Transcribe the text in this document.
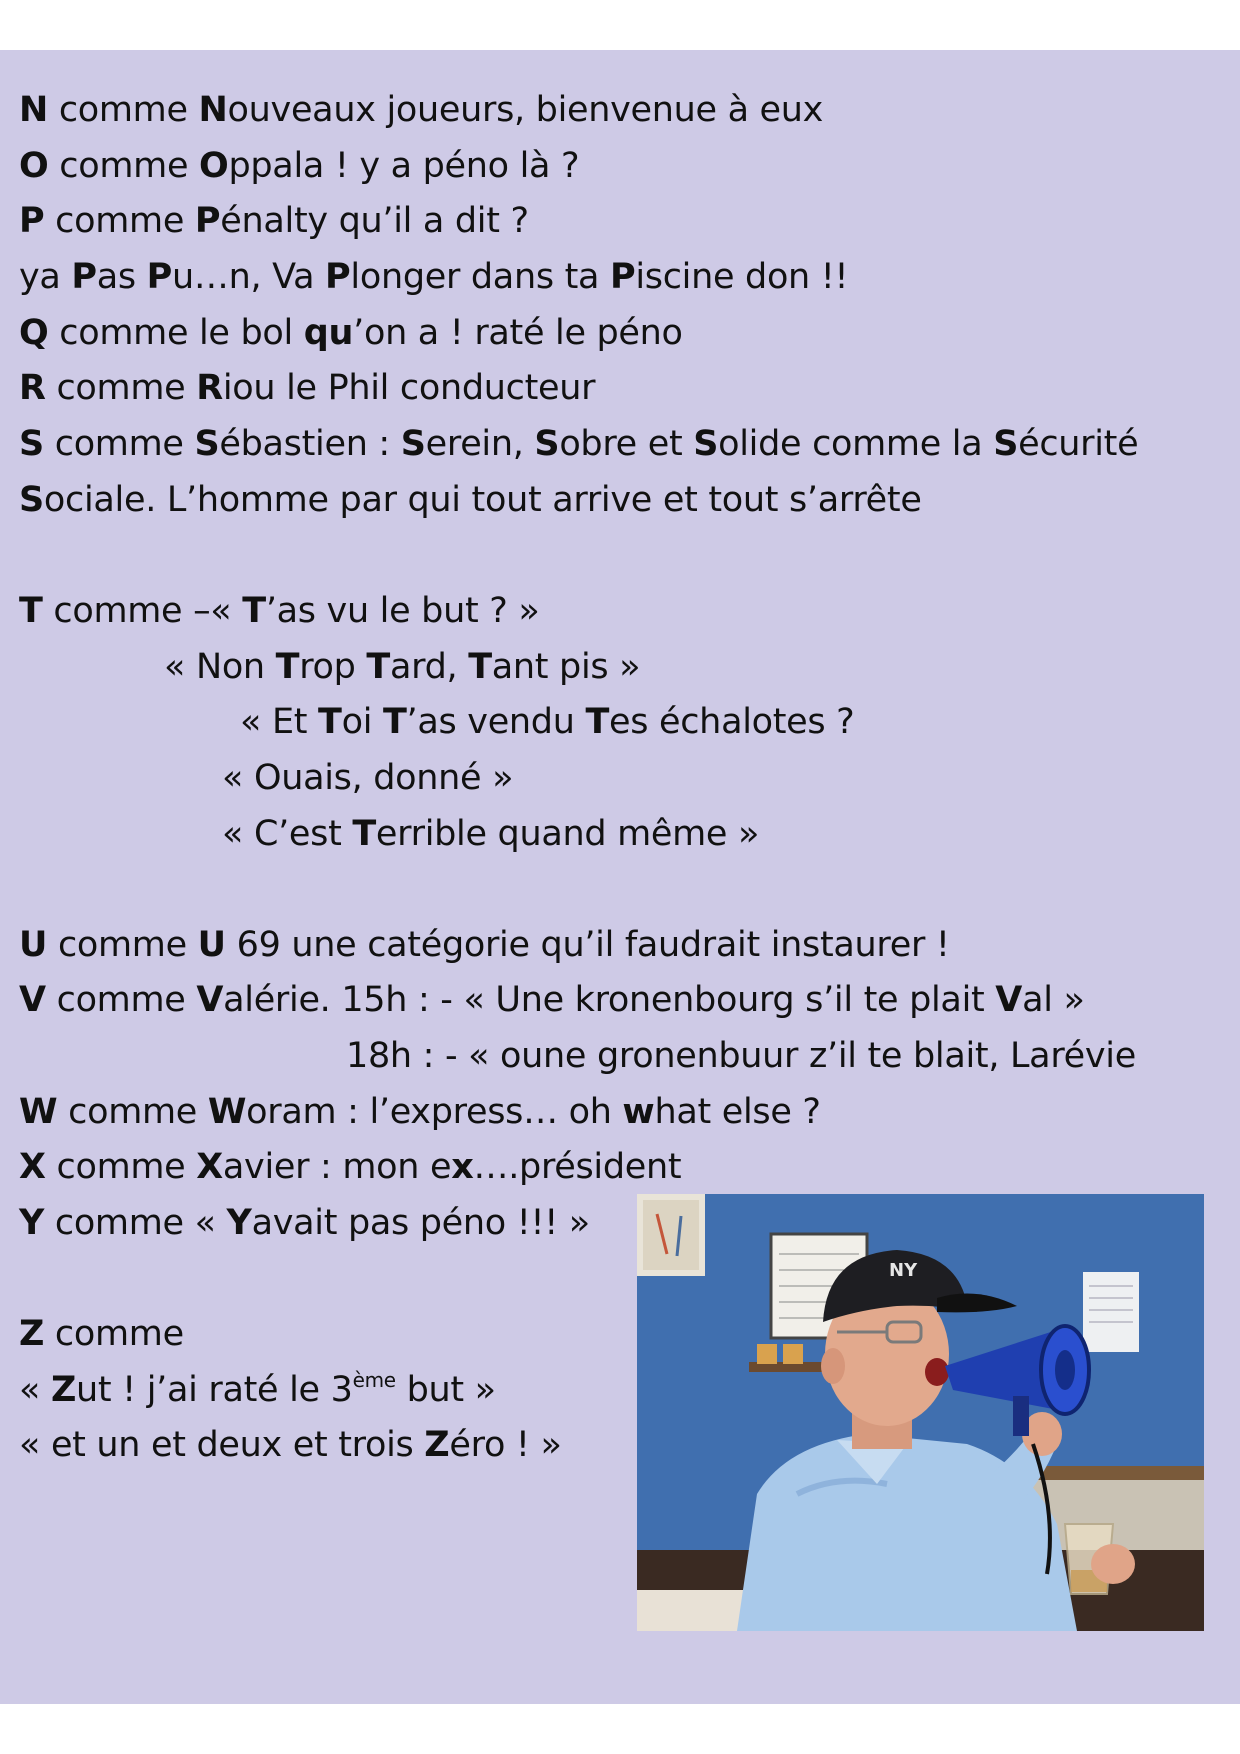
N comme Nouveaux joueurs, bienvenue à eux
O comme Oppala ! y a péno là ?
P comme Pénalty qu’il a dit ?
ya Pas Pu…n, Va Plonger dans ta Piscine don !!
Q comme le bol qu’on a ! raté le péno
R comme Riou le Phil conducteur
S comme Sébastien : Serein, Sobre et Solide comme la Sécurité
Sociale. L’homme par qui tout arrive et tout s’arrête
T comme –« T’as vu le but ? »
« Non Trop Tard, Tant pis »
« Et Toi T’as vendu Tes échalotes ?
« Ouais, donné »
« C’est Terrible quand même »
U comme U 69 une catégorie qu’il faudrait instaurer !
V comme Valérie. 15h : - « Une kronenbourg s’il te plait Val »
18h : - « oune gronenbuur z’il te blait, Larévie
W comme Woram : l’express… oh what else ?
X comme Xavier : mon ex….président
Y comme « Yavait pas péno !!! »
Z comme
« Zut ! j’ai raté le 3ème but »
« et un et deux et trois Zéro ! »
NY
